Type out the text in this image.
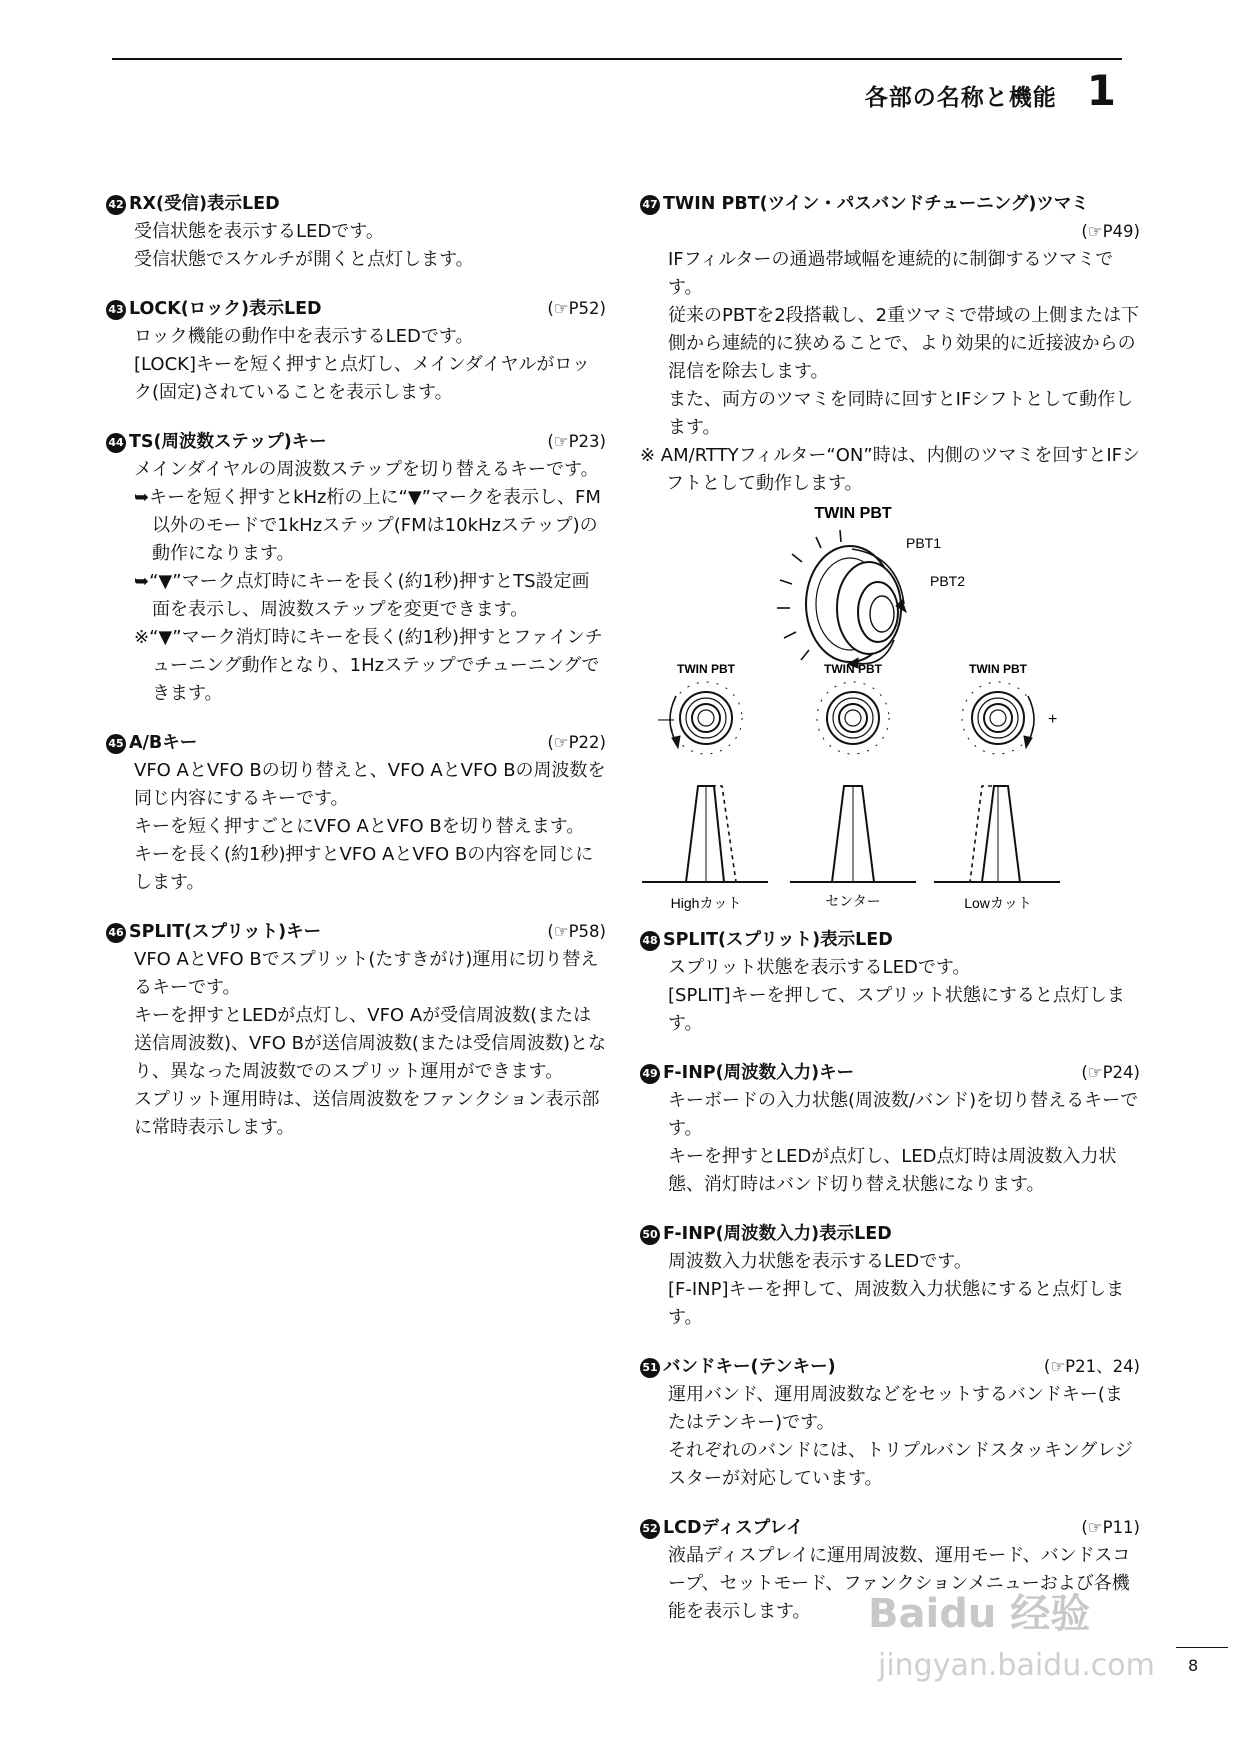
各部の名称と機能 1
42 RX(受信)表示LED

受信状態を表示するLEDです。

受信状態でスケルチが開くと点灯します。

43 LOCK(ロック)表示LED	(☞P52)

ロック機能の動作中を表示するLEDです。

[LOCK]キーを短く押すと点灯し、メインダイヤルがロック(固定)されていることを表示します。

44 TS(周波数ステップ)キー	(☞P23)

メインダイヤルの周波数ステップを切り替えるキーです。

➥キーを短く押すとkHz桁の上に“▼”マークを表示し、FM以外のモードで1kHzステップ(FMは10kHzステップ)の動作になります。

➥“▼”マーク点灯時にキーを長く(約1秒)押すとTS設定画面を表示し、周波数ステップを変更できます。

※“▼”マーク消灯時にキーを長く(約1秒)押すとファインチューニング動作となり、1Hzステップでチューニングできます。

45 A/Bキー	(☞P22)

VFO AとVFO Bの切り替えと、VFO AとVFO Bの周波数を同じ内容にするキーです。

キーを短く押すごとにVFO AとVFO Bを切り替えます。

キーを長く(約1秒)押すとVFO AとVFO Bの内容を同じにします。

46 SPLIT(スプリット)キー	(☞P58)

VFO AとVFO Bでスプリット(たすきがけ)運用に切り替えるキーです。

キーを押すとLEDが点灯し、VFO Aが受信周波数(または送信周波数)、VFO Bが送信周波数(または受信周波数)となり、異なった周波数でのスプリット運用ができます。

スプリット運用時は、送信周波数をファンクション表示部に常時表示します。

47 TWIN PBT(ツイン・パスバンドチューニング)ツマミ
(☞P49)

IFフィルターの通過帯域幅を連続的に制御するツマミです。

従来のPBTを2段搭載し、2重ツマミで帯域の上側または下側から連続的に狭めることで、より効果的に近接波からの混信を除去します。

また、両方のツマミを同時に回すとIFシフトとして動作します。

※ AM/RTTYフィルター“ON”時は、内側のツマミを回すとIFシフトとして動作します。

TWIN PBT
PBT1
PBT2
TWIN PBT	TWIN PBT	TWIN PBT
—	+
Highカット	センター	Lowカット
48 SPLIT(スプリット)表示LED

スプリット状態を表示するLEDです。

[SPLIT]キーを押して、スプリット状態にすると点灯します。

49 F-INP(周波数入力)キー	(☞P24)

キーボードの入力状態(周波数/バンド)を切り替えるキーです。

キーを押すとLEDが点灯し、LED点灯時は周波数入力状態、消灯時はバンド切り替え状態になります。

50 F-INP(周波数入力)表示LED

周波数入力状態を表示するLEDです。

[F-INP]キーを押して、周波数入力状態にすると点灯します。

51 バンドキー(テンキー)	(☞P21、24)

運用バンド、運用周波数などをセットするバンドキー(またはテンキー)です。

それぞれのバンドには、トリプルバンドスタッキングレジスターが対応しています。

52 LCDディスプレイ	(☞P11)

液晶ディスプレイに運用周波数、運用モード、バンドスコープ、セットモード、ファンクションメニューおよび各機能を表示します。	Baidu 经验
jingyan.baidu.com 8
